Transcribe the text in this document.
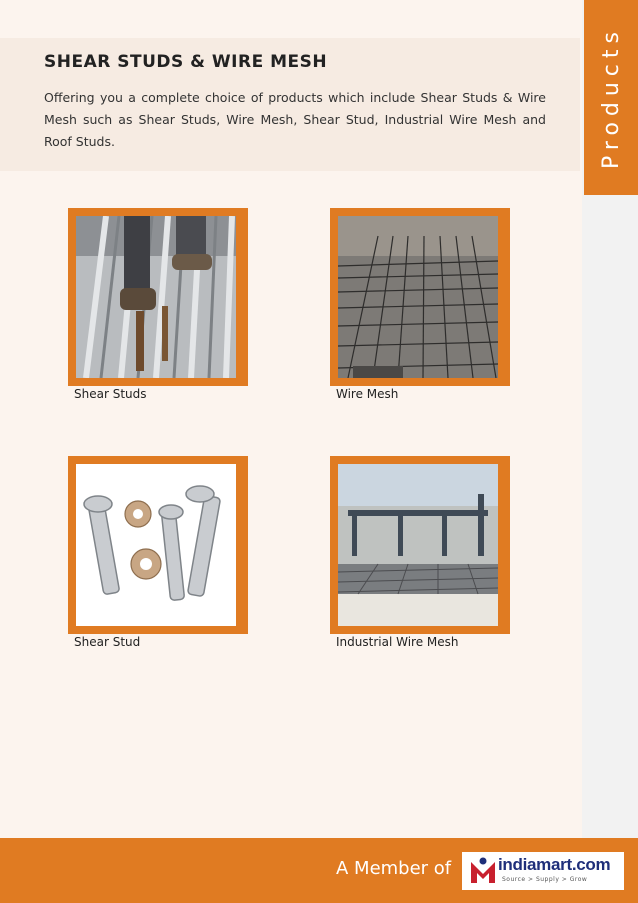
Products
SHEAR STUDS & WIRE MESH

Offering you a complete choice of products which include Shear Studs & Wire Mesh such as Shear Studs, Wire Mesh, Shear Stud, Industrial Wire Mesh and Roof Studs.

Shear Studs	Wire Mesh
Shear Stud	Industrial Wire Mesh
A Member of	indiamart.com
Source > Supply > Grow
